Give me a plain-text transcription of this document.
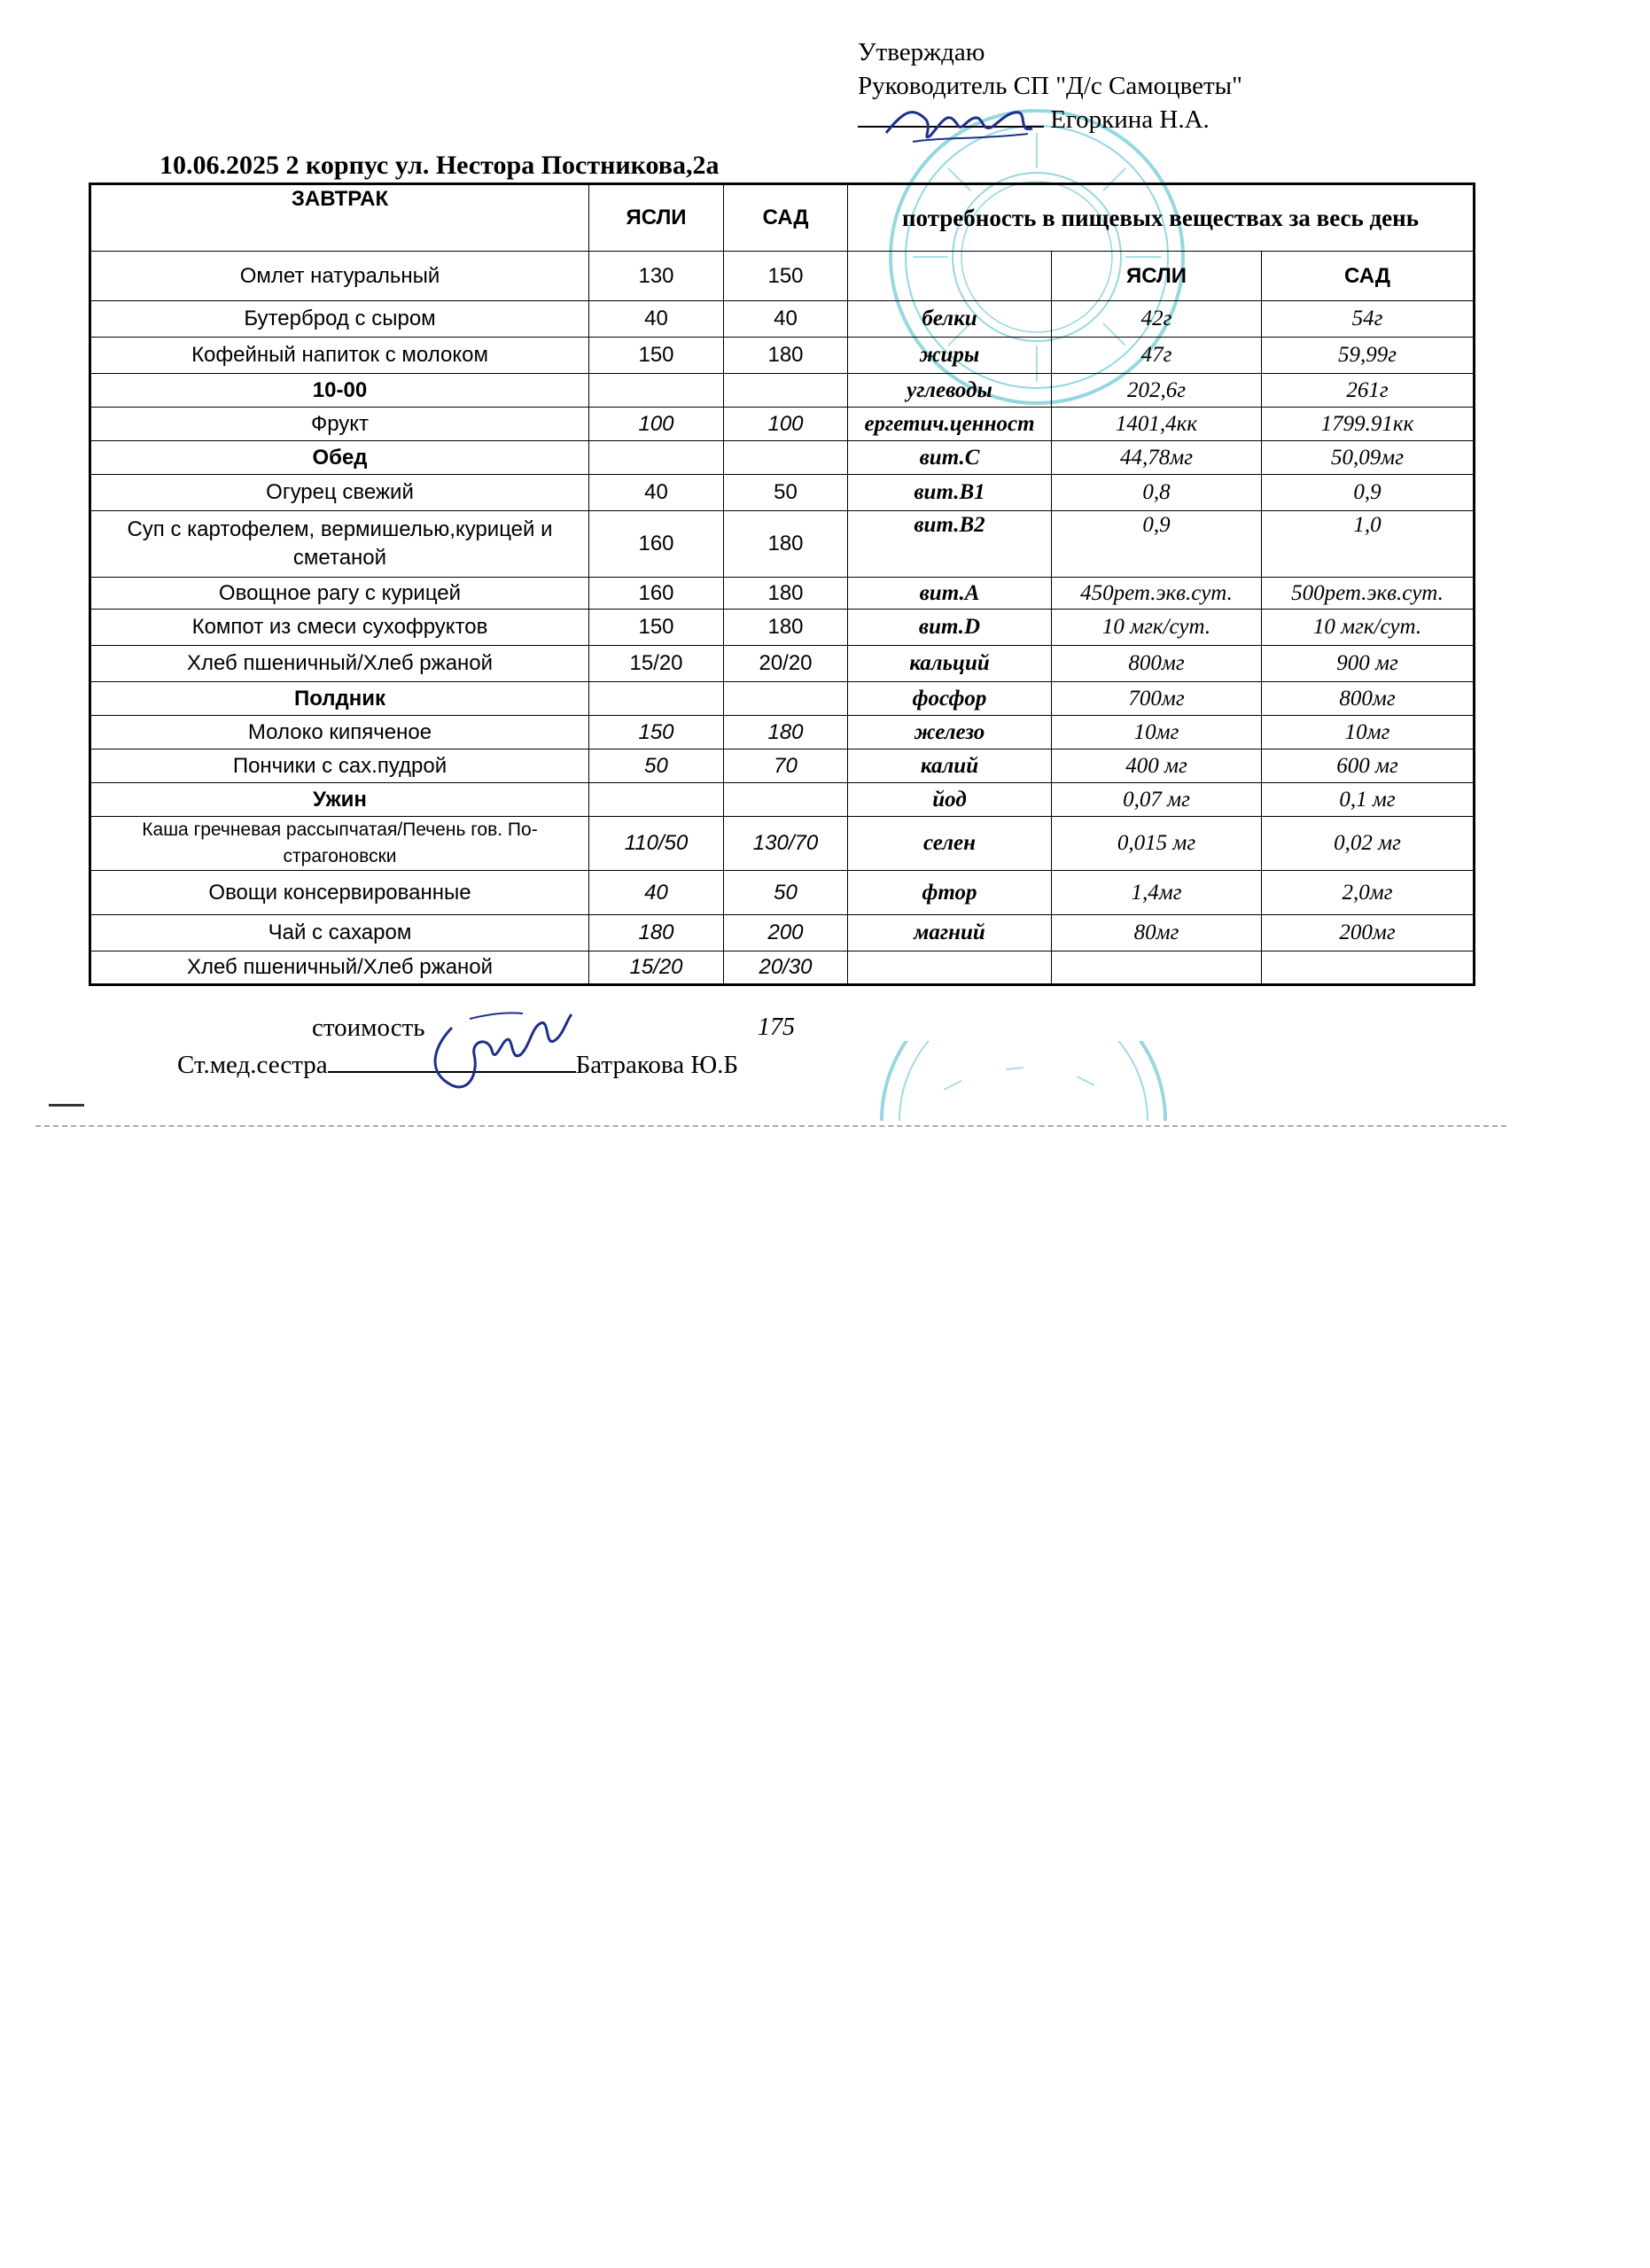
Утверждаю
Руководитель СП "Д/с Самоцветы"
Егоркина Н.А.
10.06.2025 2 корпус ул. Нестора Постникова,2а
ЗАВТРАК	ЯСЛИ	САД	потребность в пищевых веществах за весь день		
Омлет натуральный	130	150		ЯСЛИ	САД
Бутерброд с сыром	40	40	белки	42г	54г
Кофейный напиток с молоком	150	180	жиры	47г	59,99г
10-00			углеводы	202,6г	261г
Фрукт	100	100	ергетич.ценност	1401,4кк	1799.91кк
Обед			вит.С	44,78мг	50,09мг
Огурец свежий	40	50	вит.В1	0,8	0,9
Суп с картофелем, вермишелью,курицей и сметаной	160	180	вит.В2	0,9	1,0
Овощное рагу с курицей	160	180	вит.А	450рет.экв.сут.	500рет.экв.сут.
Компот из смеси сухофруктов	150	180	вит.D	10 мгк/сут.	10 мгк/сут.
Хлеб пшеничный/Хлеб ржаной	15/20	20/20	кальций	800мг	900 мг
Полдник			фосфор	700мг	800мг
Молоко кипяченое	150	180	железо	10мг	10мг
Пончики с сах.пудрой	50	70	калий	400 мг	600 мг
Ужин			йод	0,07 мг	0,1 мг
Каша гречневая рассыпчатая/Печень гов. По-страгоновски	110/50	130/70	селен	0,015 мг	0,02 мг
Овощи консервированные	40	50	фтор	1,4мг	2,0мг
Чай с сахаром	180	200	магний	80мг	200мг
Хлеб пшеничный/Хлеб ржаной	15/20	20/30			
стоимость	175
Ст.мед.сестра	Батракова Ю.Б
